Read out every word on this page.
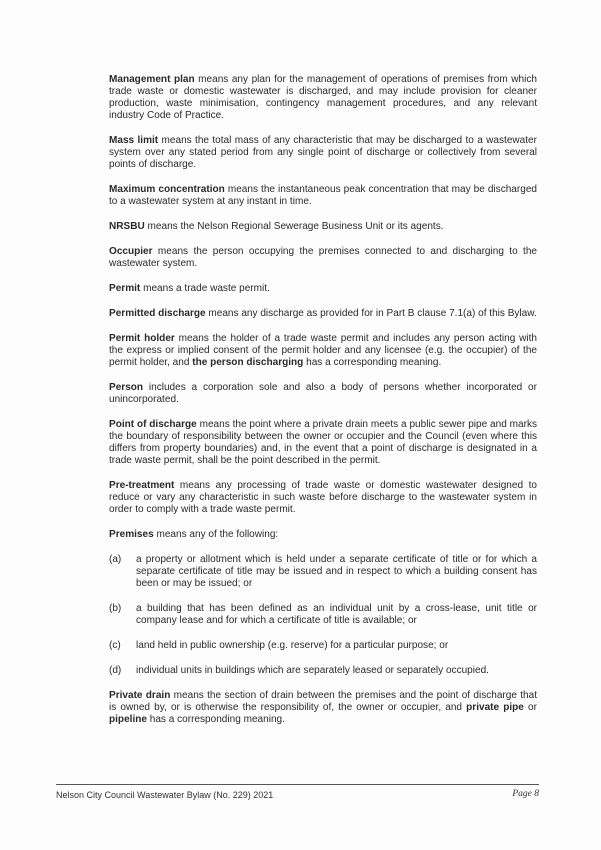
Management plan means any plan for the management of operations of premises from which trade waste or domestic wastewater is discharged, and may include provision for cleaner production, waste minimisation, contingency management procedures, and any relevant industry Code of Practice.

Mass limit means the total mass of any characteristic that may be discharged to a wastewater system over any stated period from any single point of discharge or collectively from several points of discharge.

Maximum concentration means the instantaneous peak concentration that may be discharged to a wastewater system at any instant in time.

NRSBU means the Nelson Regional Sewerage Business Unit or its agents.

Occupier means the person occupying the premises connected to and discharging to the wastewater system.

Permit means a trade waste permit.

Permitted discharge means any discharge as provided for in Part B clause 7.1(a) of this Bylaw.

Permit holder means the holder of a trade waste permit and includes any person acting with the express or implied consent of the permit holder and any licensee (e.g. the occupier) of the permit holder, and the person discharging has a corresponding meaning.

Person includes a corporation sole and also a body of persons whether incorporated or unincorporated.

Point of discharge means the point where a private drain meets a public sewer pipe and marks the boundary of responsibility between the owner or occupier and the Council (even where this differs from property boundaries) and, in the event that a point of discharge is designated in a trade waste permit, shall be the point described in the permit.

Pre-treatment means any processing of trade waste or domestic wastewater designed to reduce or vary any characteristic in such waste before discharge to the wastewater system in order to comply with a trade waste permit.

Premises means any of the following:

(a)	a property or allotment which is held under a separate certificate of title or for which a separate certificate of title may be issued and in respect to which a building consent has been or may be issued; or
(b)	a building that has been defined as an individual unit by a cross-lease, unit title or company lease and for which a certificate of title is available; or
(c)	land held in public ownership (e.g. reserve) for a particular purpose; or
(d)	individual units in buildings which are separately leased or separately occupied.

Private drain means the section of drain between the premises and the point of discharge that is owned by, or is otherwise the responsibility of, the owner or occupier, and private pipe or pipeline has a corresponding meaning.

Nelson City Council Wastewater Bylaw (No. 229) 2021	Page 8
